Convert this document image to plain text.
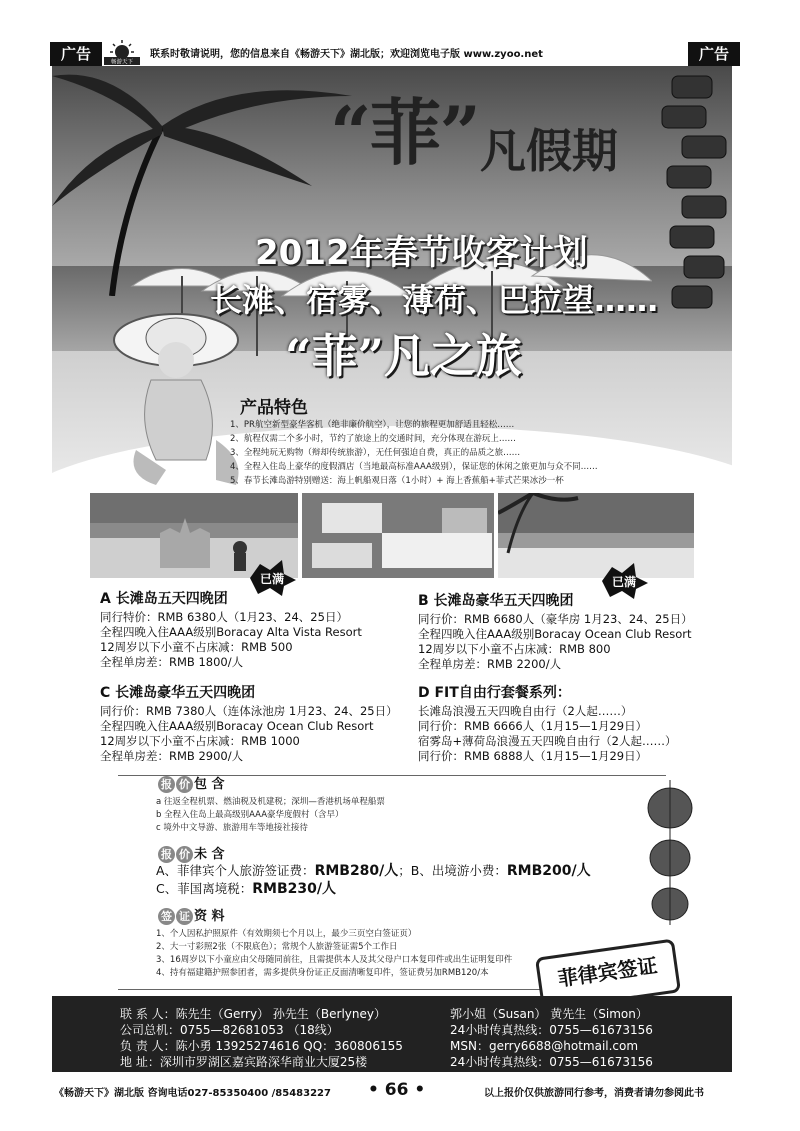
广告	畅游天下
联系时敬请说明，您的信息来自《畅游天下》湖北版；欢迎浏览电子版 www.zyoo.net	广告
“菲” 凡假期
2012年春节收客计划
长滩、宿雾、薄荷、巴拉望……
“菲”凡之旅
产品特色
1、PR航空新型豪华客机（绝非廉价航空），让您的旅程更加舒适且轻松……
2、航程仅需二个多小时，节约了旅途上的交通时间，充分体现在游玩上……
3、全程纯玩无购物（辩却传统旅游），无任何强迫自费，真正的品质之旅……
4、全程入住岛上豪华的度假酒店（当地最高标准AAA级别），保证您的休闲之旅更加与众不同……
5、春节长滩岛游特别赠送：海上帆船观日落（1小时）+ 海上香蕉船+菲式芒果冰沙一杯
已满	已满
A 长滩岛五天四晚团
同行特价：RMB 6380人（1月23、24、25日）
全程四晚入住AAA级别Boracay Alta Vista Resort
12周岁以下小童不占床减：RMB 500
全程单房差：RMB 1800/人
B 长滩岛豪华五天四晚团
同行价：RMB 6680人（豪华房 1月23、24、25日）
全程四晚入住AAA级别Boracay Ocean Club Resort
12周岁以下小童不占床减：RMB 800
全程单房差：RMB 2200/人
C 长滩岛豪华五天四晚团
同行价：RMB 7380人（连体泳池房 1月23、24、25日）
全程四晚入住AAA级别Boracay Ocean Club Resort
12周岁以下小童不占床减：RMB 1000
全程单房差：RMB 2900/人
D FIT自由行套餐系列：
长滩岛浪漫五天四晚自由行（2人起……）
同行价：RMB 6666人（1月15—1月29日）
宿雾岛+薄荷岛浪漫五天四晚自由行（2人起……）
同行价：RMB 6888人（1月15—1月29日）
报 价 包 含
a 往返全程机票、燃油税及机建税；深圳—香港机场单程船票
b 全程入住岛上最高级别AAA豪华度假村（含早）
c 境外中文导游、旅游用车等地接社接待
报 价 未 含
A、菲律宾个人旅游签证费：RMB280/人；B、出境游小费：RMB200/人
C、菲国离境税：RMB230/人
签 证 资 料
1、个人因私护照原件（有效期须七个月以上，最少三页空白签证页）
2、大一寸彩照2张（不限底色）；常规个人旅游签证需5个工作日
3、16周岁以下小童应由父母随同前往，且需提供本人及其父母户口本复印件或出生证明复印件
4、持有福建籍护照参团者，需多提供身份证正反面清晰复印件，签证费另加RMB120/本	菲律宾签证
联 系 人：陈先生（Gerry） 孙先生（Berlyney）
公司总机：0755—82681053 （18线）
负 责 人：陈小勇 13925274616 QQ：360806155
地 址：深圳市罗湖区嘉宾路深华商业大厦25楼
郭小姐（Susan） 黄先生（Simon）
24小时传真热线：0755—61673156
MSN：gerry6688@hotmail.com
24小时传真热线：0755—61673156
《畅游天下》湖北版 咨询电话027-85350400 /85483227 • 66 •	以上报价仅供旅游同行参考，消费者请勿参阅此书
